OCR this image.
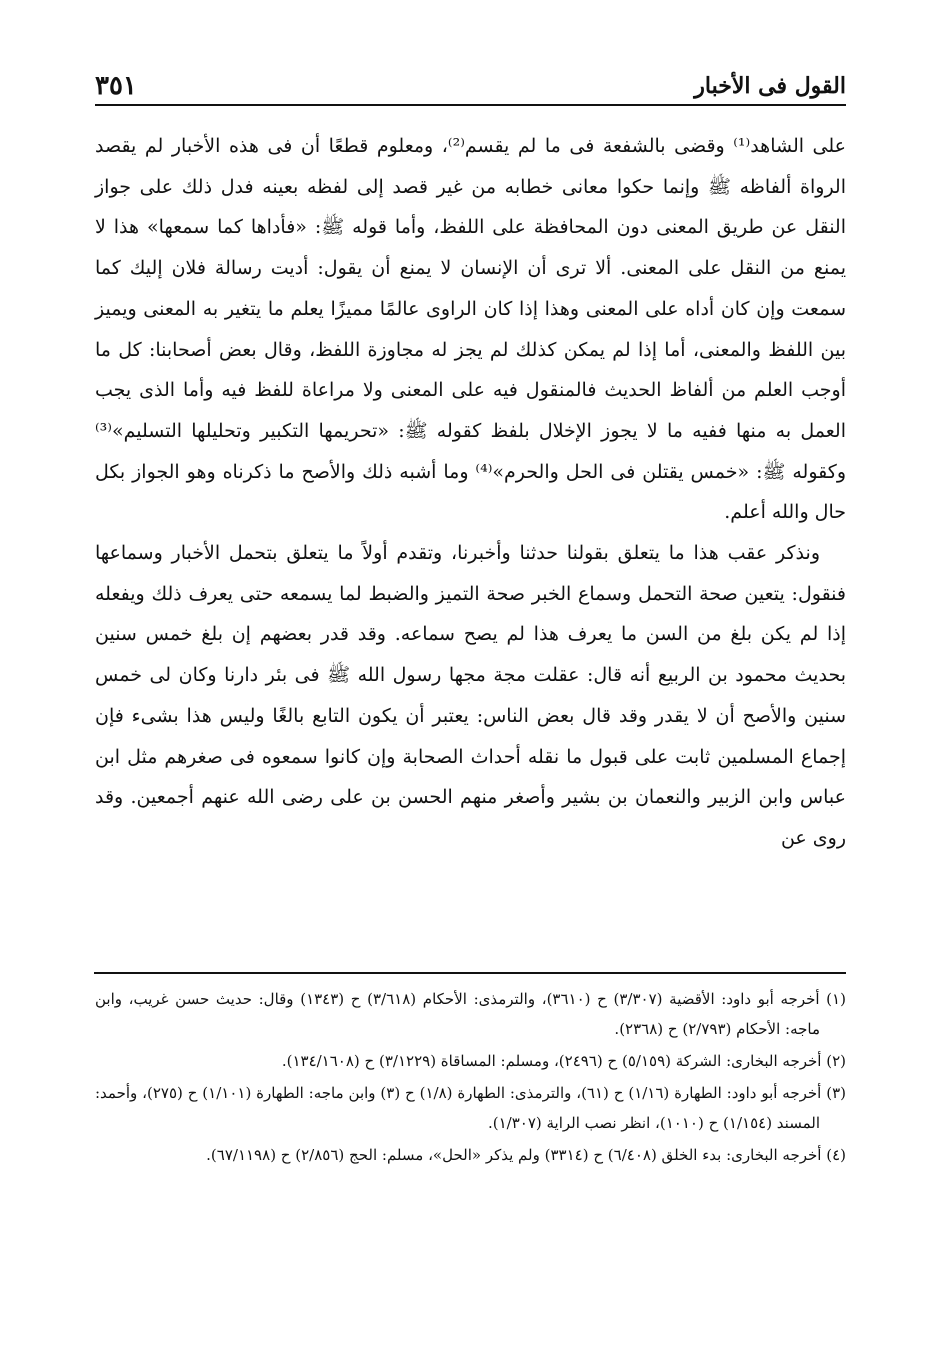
القول فى الأخبار
٣٥١

على الشاهد⁽¹⁾ وقضى بالشفعة فى ما لم يقسم⁽²⁾، ومعلوم قطعًا أن فى هذه الأخبار لم يقصد الرواة ألفاظه ﷺ وإنما حكوا معانى خطابه من غير قصد إلى لفظه بعينه فدل ذلك على جواز النقل عن طريق المعنى دون المحافظة على اللفظ، وأما قوله ﷺ: «فأداها كما سمعها» هذا لا يمنع من النقل على المعنى. ألا ترى أن الإنسان لا يمنع أن يقول: أديت رسالة فلان إليك كما سمعت وإن كان أداه على المعنى وهذا إذا كان الراوى عالمًا مميزًا يعلم ما يتغير به المعنى ويميز بين اللفظ والمعنى، أما إذا لم يمكن كذلك لم يجز له مجاوزة اللفظ، وقال بعض أصحابنا: كل ما أوجب العلم من ألفاظ الحديث فالمنقول فيه على المعنى ولا مراعاة للفظ فيه وأما الذى يجب العمل به منها ففيه ما لا يجوز الإخلال بلفظ كقوله ﷺ: «تحريمها التكبير وتحليلها التسليم»⁽³⁾ وكقوله ﷺ: «خمس يقتلن فى الحل والحرم»⁽⁴⁾ وما أشبه ذلك والأصح ما ذكرناه وهو الجواز بكل حال والله أعلم.

ونذكر عقب هذا ما يتعلق بقولنا حدثنا وأخبرنا، وتقدم أولاً ما يتعلق بتحمل الأخبار وسماعها فنقول: يتعين صحة التحمل وسماع الخبر صحة التميز والضبط لما يسمعه حتى يعرف ذلك ويفعله إذا لم يكن بلغ من السن ما يعرف هذا لم يصح سماعه. وقد قدر بعضهم إن بلغ خمس سنين بحديث محمود بن الربيع أنه قال: عقلت مجة مجها رسول الله ﷺ فى بئر دارنا وكان لى خمس سنين والأصح أن لا يقدر وقد قال بعض الناس: يعتبر أن يكون التابع بالغًا وليس هذا بشىء فإن إجماع المسلمين ثابت على قبول ما نقله أحداث الصحابة وإن كانوا سمعوه فى صغرهم مثل ابن عباس وابن الزبير والنعمان بن بشير وأصغر منهم الحسن بن على رضى الله عنهم أجمعين. وقد روى عن

(١) أخرجه أبو داود: الأقضية (٣/٣٠٧) ح (٣٦١٠)، والترمذى: الأحكام (٣/٦١٨) ح (١٣٤٣) وقال: حديث حسن غريب، وابن ماجه: الأحكام (٢/٧٩٣) ح (٢٣٦٨).

(٢) أخرجه البخارى: الشركة (٥/١٥٩) ح (٢٤٩٦)، ومسلم: المساقاة (٣/١٢٢٩) ح (١٣٤/١٦٠٨).

(٣) أخرجه أبو داود: الطهارة (١/١٦) ح (٦١)، والترمذى: الطهارة (١/٨) ح (٣) وابن ماجه: الطهارة (١/١٠١) ح (٢٧٥)، وأحمد: المسند (١/١٥٤) ح (١٠١٠)، انظر نصب الراية (١/٣٠٧).

(٤) أخرجه البخارى: بدء الخلق (٦/٤٠٨) ح (٣٣١٤) ولم يذكر «الحل»، مسلم: الحج (٢/٨٥٦) ح (٦٧/١١٩٨).
